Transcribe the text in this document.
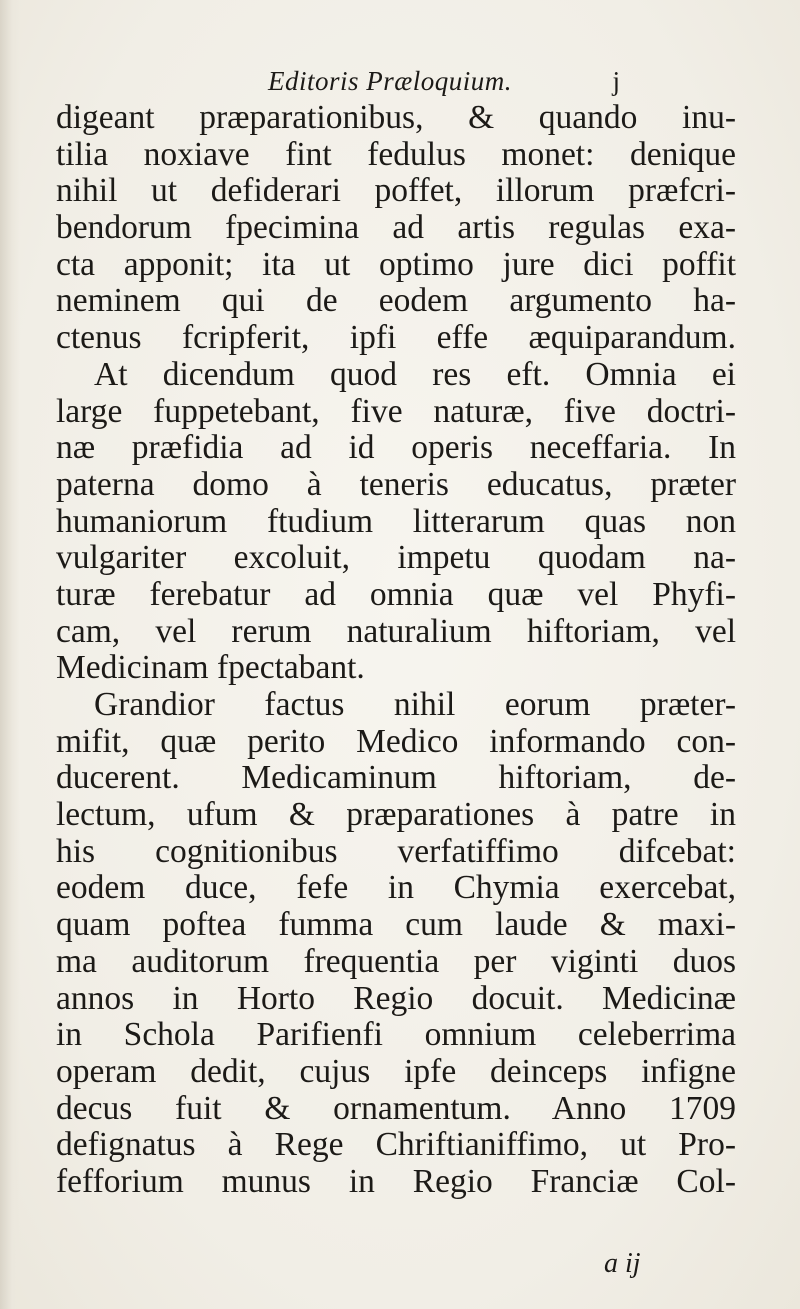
Editoris Præloquium.	j
digeant præparationibus, & quando inu-
tilia noxiave fint fedulus monet: denique
nihil ut defiderari poffet, illorum præfcri-
bendorum fpecimina ad artis regulas exa-
cta apponit; ita ut optimo jure dici poffit
neminem qui de eodem argumento ha-
ctenus fcripferit, ipfi effe æquiparandum.
At dicendum quod res eft. Omnia ei
large fuppetebant, five naturæ, five doctri-
næ præfidia ad id operis neceffaria. In
paterna domo à teneris educatus, præter
humaniorum ftudium litterarum quas non
vulgariter excoluit, impetu quodam na-
turæ ferebatur ad omnia quæ vel Phyfi-
cam, vel rerum naturalium hiftoriam, vel
Medicinam fpectabant.
Grandior factus nihil eorum præter-
mifit, quæ perito Medico informando con-
ducerent. Medicaminum hiftoriam, de-
lectum, ufum & præparationes à patre in
his cognitionibus verfatiffimo difcebat:
eodem duce, fefe in Chymia exercebat,
quam poftea fumma cum laude & maxi-
ma auditorum frequentia per viginti duos
annos in Horto Regio docuit. Medicinæ
in Schola Parifienfi omnium celeberrima
operam dedit, cujus ipfe deinceps infigne
decus fuit & ornamentum. Anno 1709
defignatus à Rege Chriftianiffimo, ut Pro-
fefforium munus in Regio Franciæ Col-
a ij
